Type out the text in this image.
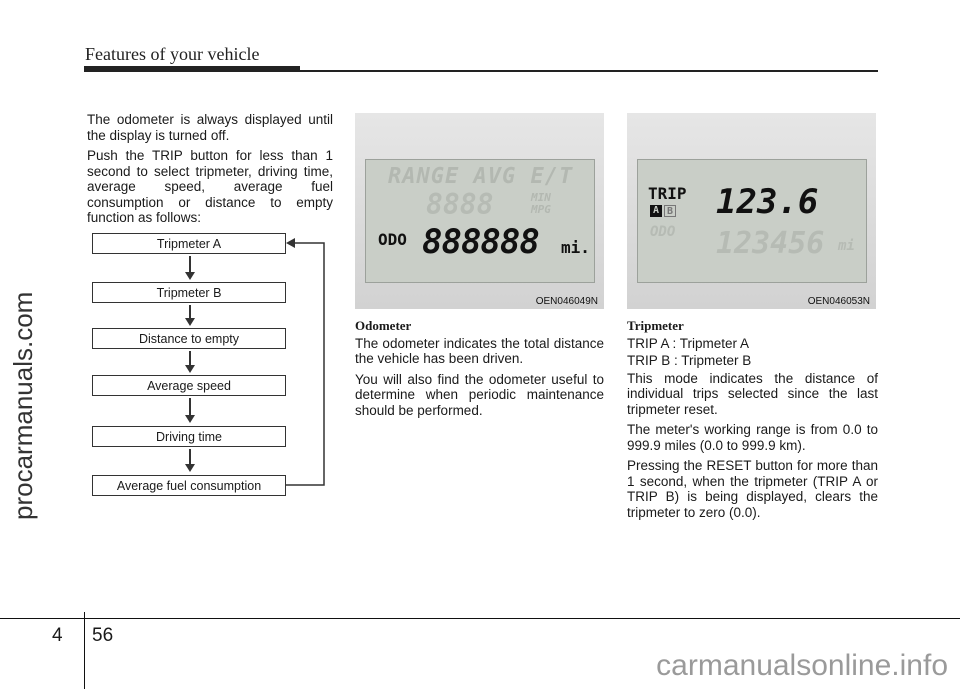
Features of your vehicle
procarmanuals.com

The odometer is always displayed until the display is turned off.

Push the TRIP button for less than 1 second to select tripmeter, driving time, average speed, average fuel consumption or distance to empty function as follows:

Tripmeter A
Tripmeter B
Distance to empty
Average speed
Driving time
Average fuel consumption
RANGE AVG E/T
8888	MIN MPG
ODO 888888 mi.
OEN046049N
TRIP
A B 123.6
ODO 123456 mi
OEN046053N

Odometer

The odometer indicates the total distance the vehicle has been driven.

You will also find the odometer useful to determine when periodic maintenance should be performed.

Tripmeter

TRIP A : Tripmeter A

TRIP B : Tripmeter B

This mode indicates the distance of individual trips selected since the last tripmeter reset.

The meter's working range is from 0.0 to 999.9 miles (0.0 to 999.9 km).

Pressing the RESET button for more than 1 second, when the tripmeter (TRIP A or TRIP B) is being displayed, clears the tripmeter to zero (0.0).

4 56
carmanualsonline.info
